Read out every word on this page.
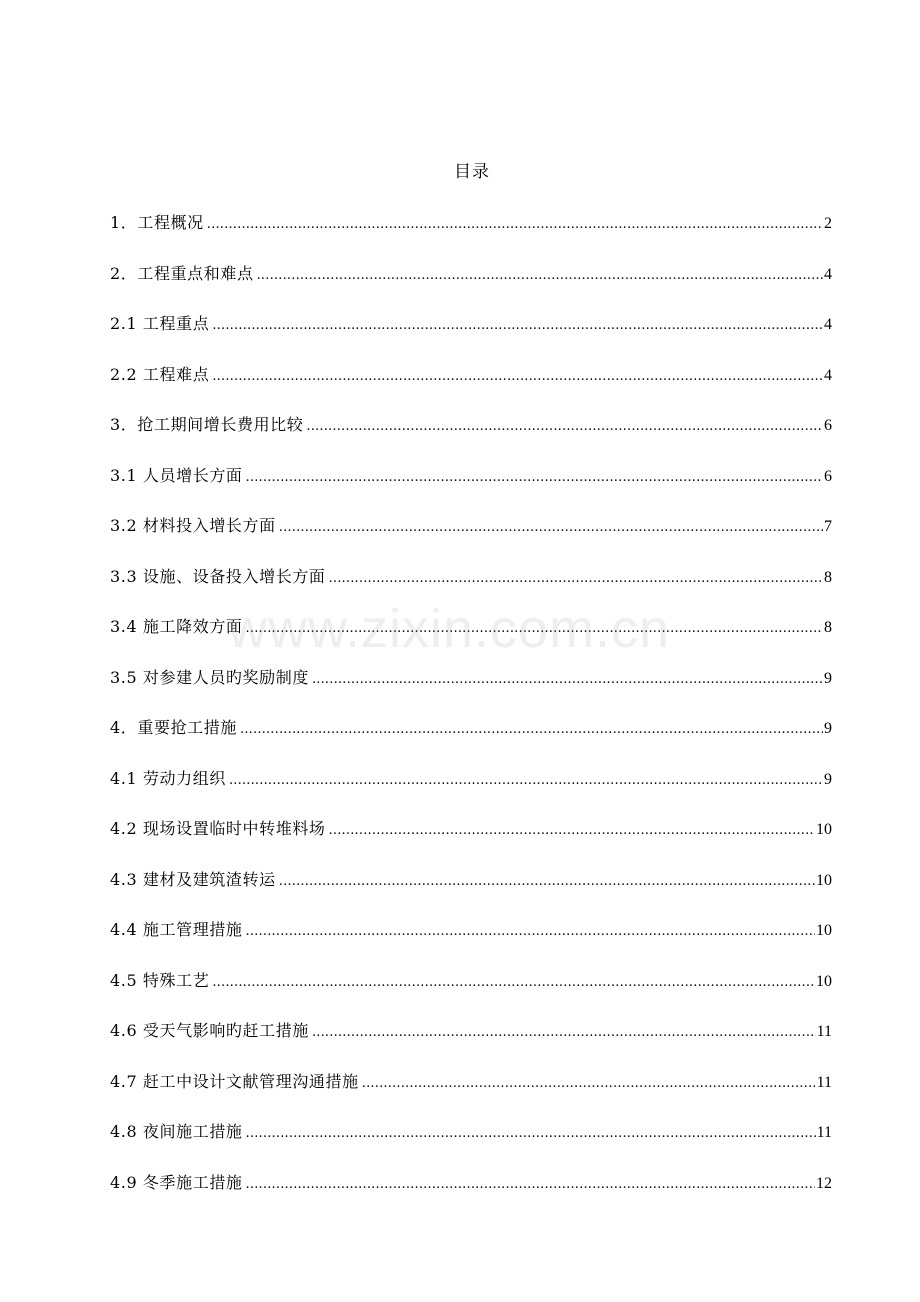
目录
1．工程概况 .....	2
2．工程重点和难点 .....	4
2.1 工程重点 .....	4
2.2 工程难点 .....	4
3．抢工期间增长费用比较 .....	6
3.1 人员增长方面 .....	6
3.2 材料投入增长方面 .....	7
3.3 设施、设备投入增长方面 .....	8
3.4 施工降效方面 .....	8
3.5 对参建人员旳奖励制度 .....	9
4．重要抢工措施 .....	9
4.1 劳动力组织 .....	9
4.2 现场设置临时中转堆料场 .....	10
4.3 建材及建筑渣转运 .....	10
4.4 施工管理措施 .....	10
4.5 特殊工艺 .....	10
4.6 受天气影响旳赶工措施 .....	11
4.7 赶工中设计文献管理沟通措施 .....	11
4.8 夜间施工措施 .....	11
4.9 冬季施工措施 .....	12
www.zixin.com.cn
